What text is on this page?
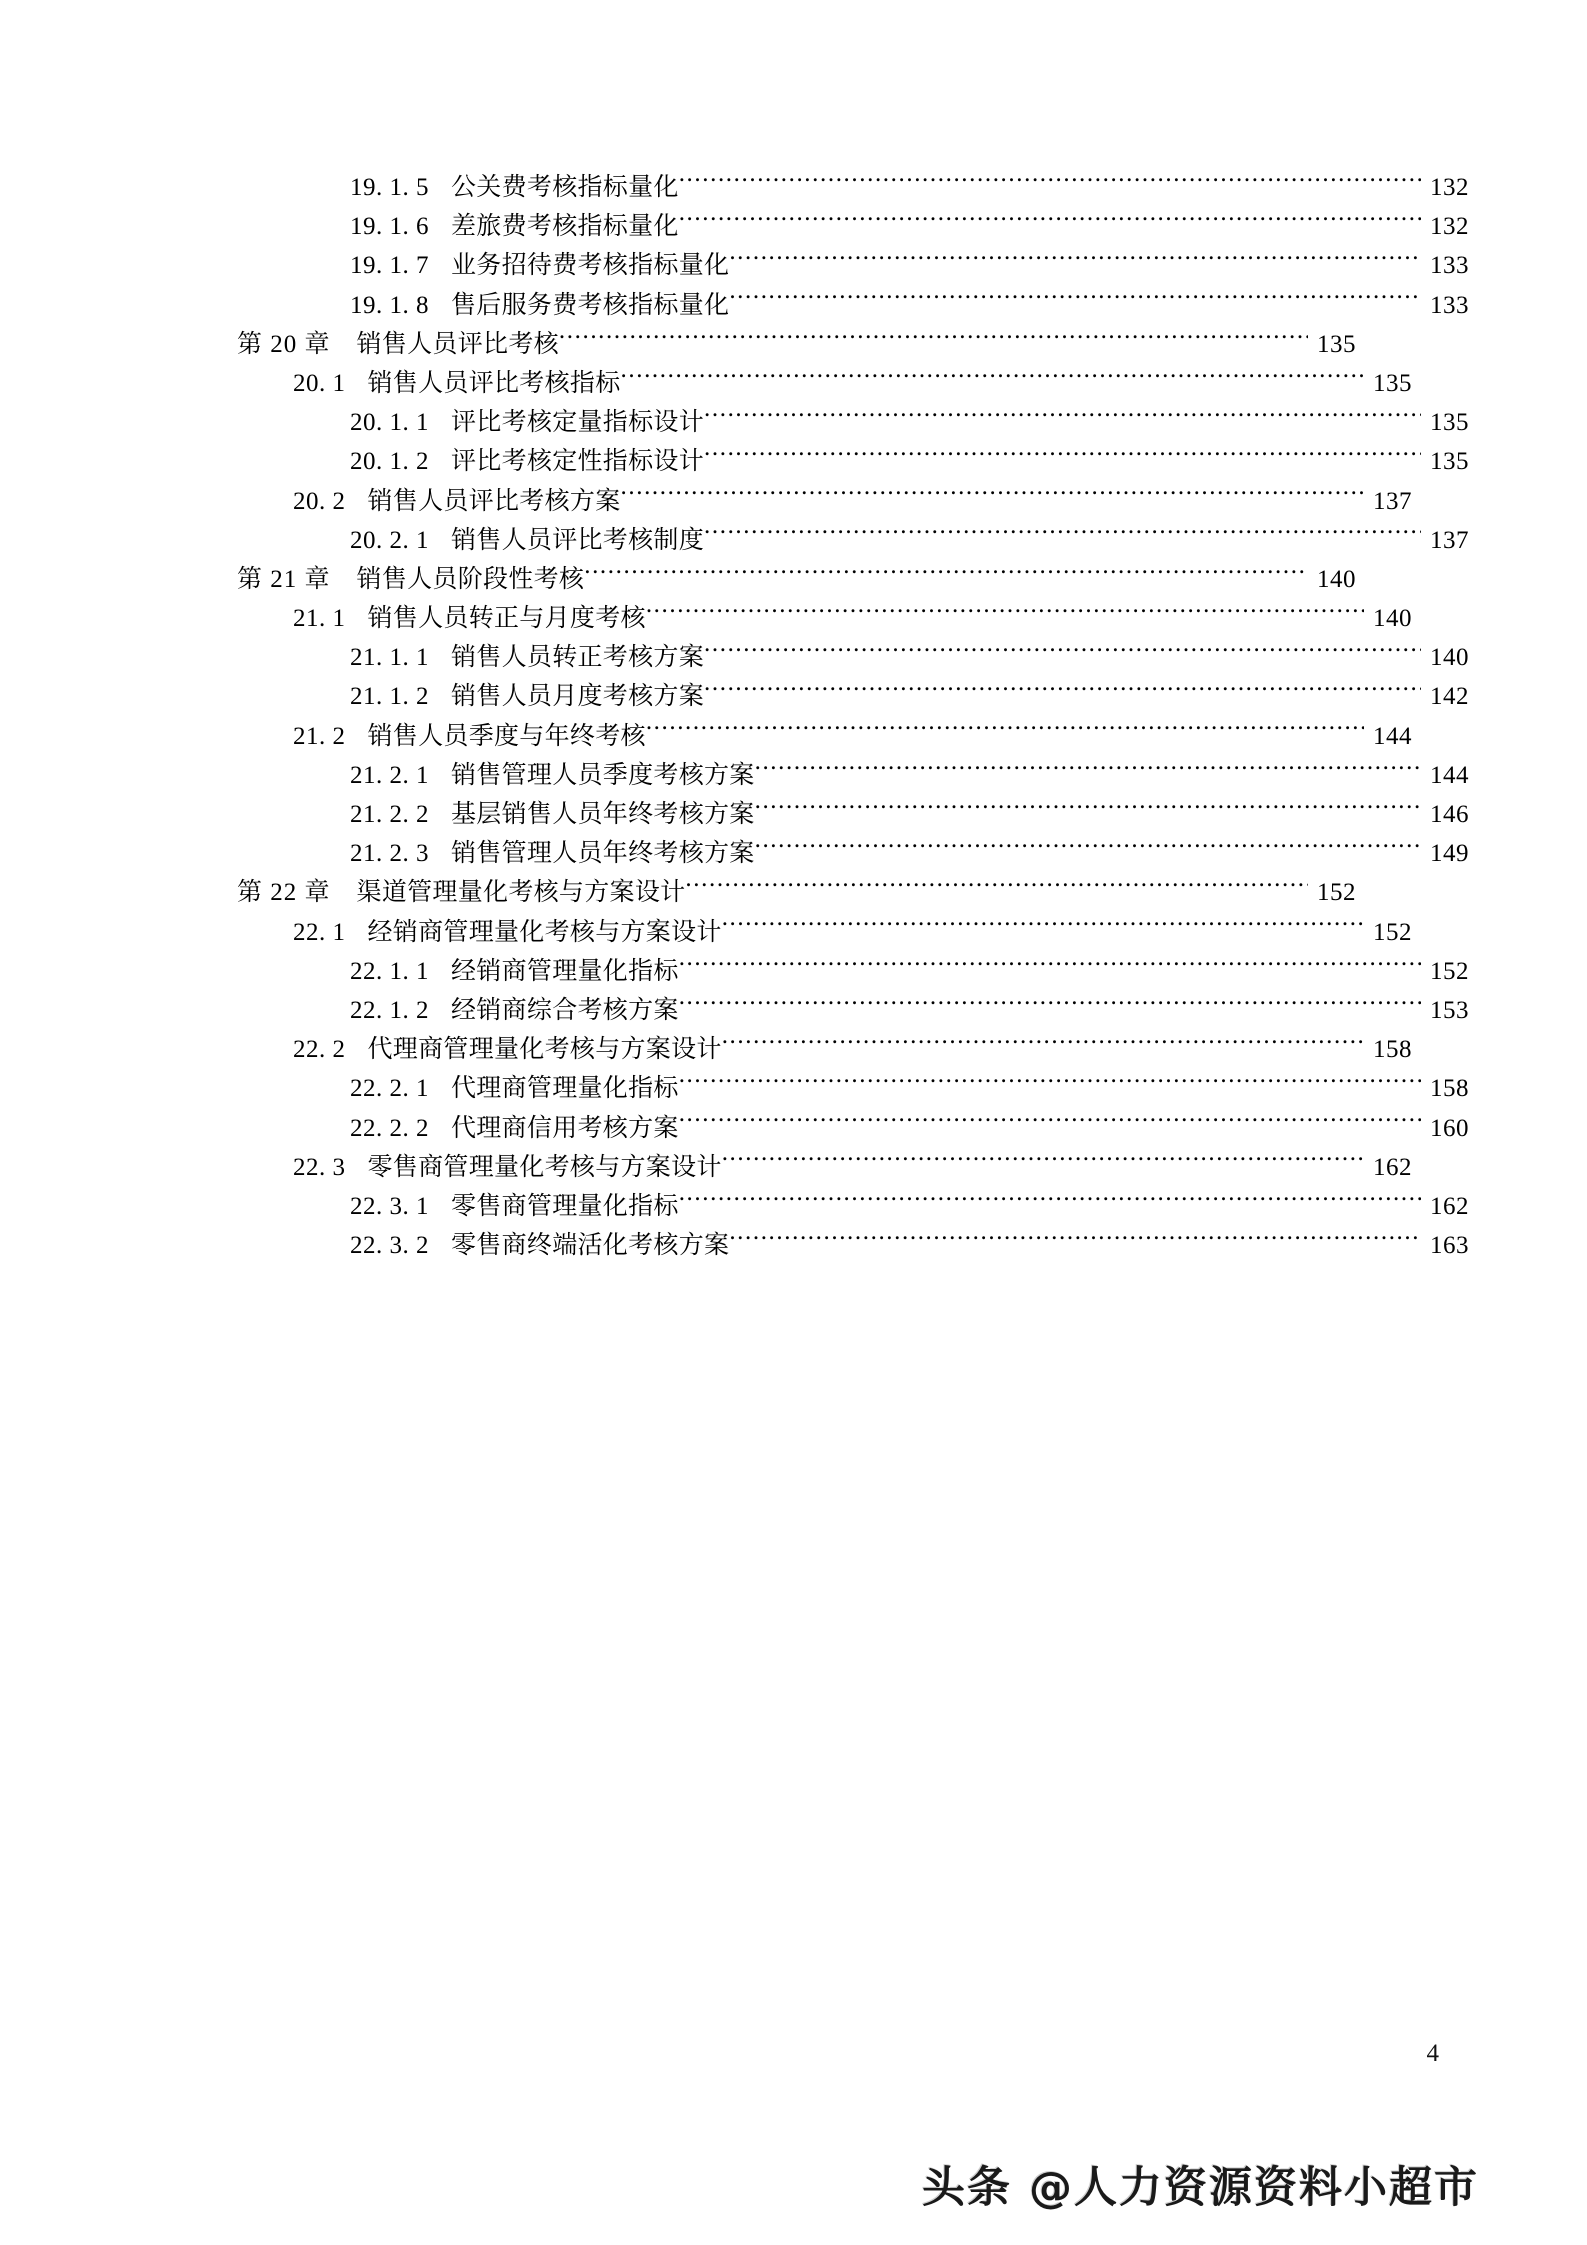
19. 1. 5 公关费考核指标量化 .....	132
19. 1. 6 差旅费考核指标量化 .....	132
19. 1. 7 业务招待费考核指标量化 .....	133
19. 1. 8 售后服务费考核指标量化 .....	133
第 20 章	销售人员评比考核 .....	135
20. 1 销售人员评比考核指标 .....	135
20. 1. 1 评比考核定量指标设计 .....	135
20. 1. 2 评比考核定性指标设计 .....	135
20. 2 销售人员评比考核方案 .....	137
20. 2. 1 销售人员评比考核制度 .....	137
第 21 章	销售人员阶段性考核 .....	140
21. 1 销售人员转正与月度考核 .....	140
21. 1. 1 销售人员转正考核方案 .....	140
21. 1. 2 销售人员月度考核方案 .....	142
21. 2 销售人员季度与年终考核 .....	144
21. 2. 1 销售管理人员季度考核方案 .....	144
21. 2. 2 基层销售人员年终考核方案 .....	146
21. 2. 3 销售管理人员年终考核方案 .....	149
第 22 章	渠道管理量化考核与方案设计 .....	152
22. 1 经销商管理量化考核与方案设计 .....	152
22. 1. 1 经销商管理量化指标 .....	152
22. 1. 2 经销商综合考核方案 .....	153
22. 2 代理商管理量化考核与方案设计 .....	158
22. 2. 1 代理商管理量化指标 .....	158
22. 2. 2 代理商信用考核方案 .....	160
22. 3 零售商管理量化考核与方案设计 .....	162
22. 3. 1 零售商管理量化指标 .....	162
22. 3. 2 零售商终端活化考核方案 .....	163
4
头条 @人力资源资料小超市
